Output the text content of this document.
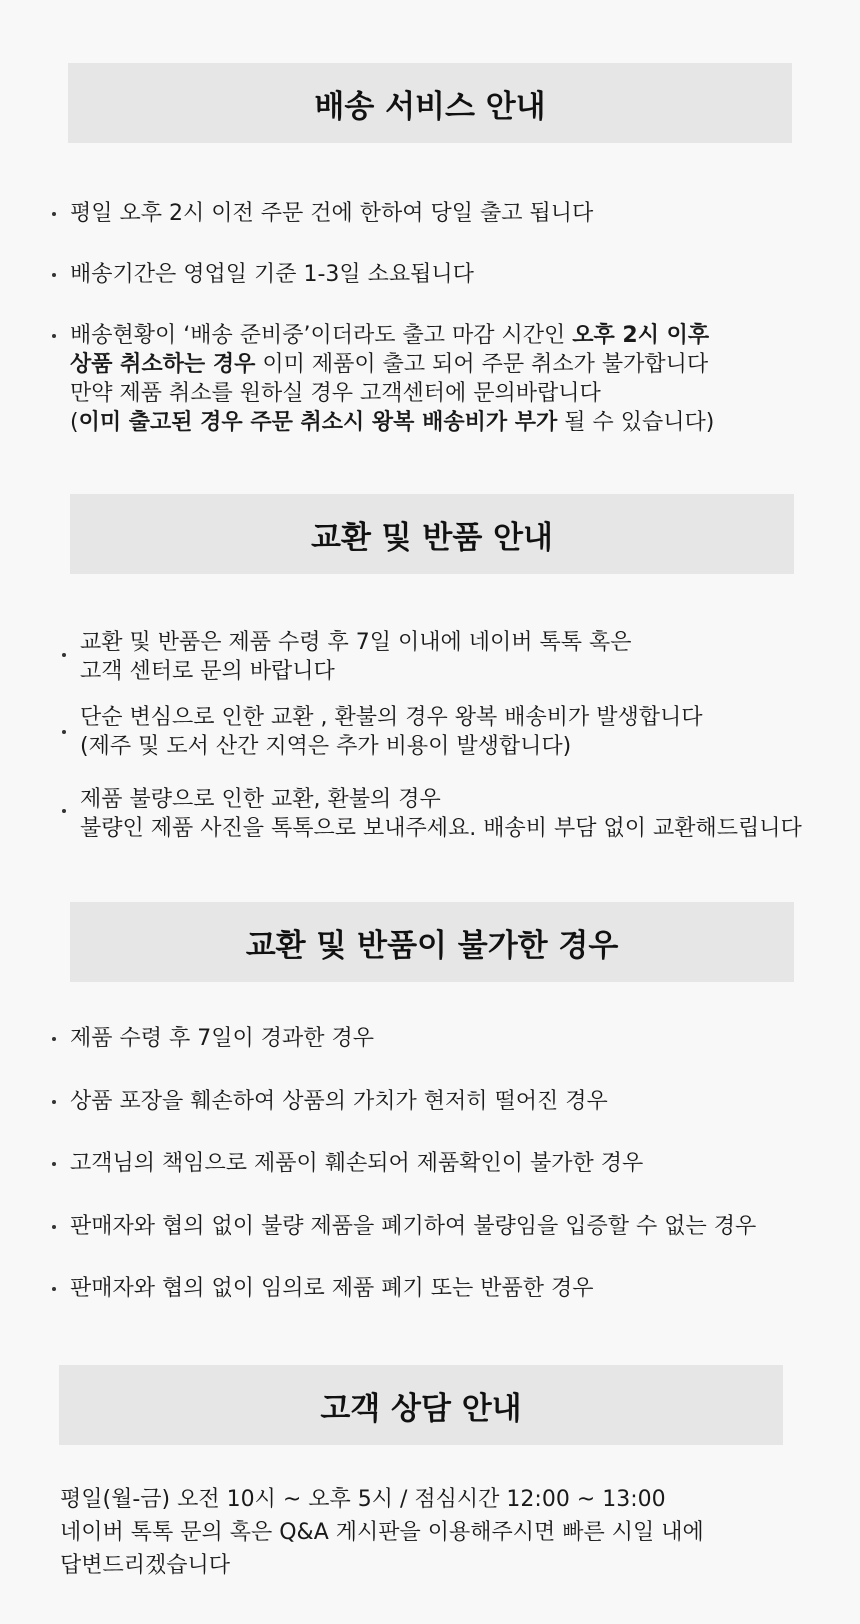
배송 서비스 안내
평일 오후 2시 이전 주문 건에 한하여 당일 출고 됩니다
배송기간은 영업일 기준 1-3일 소요됩니다
배송현황이 ‘배송 준비중’이더라도 출고 마감 시간인 오후 2시 이후
상품 취소하는 경우 이미 제품이 출고 되어 주문 취소가 불가합니다
만약 제품 취소를 원하실 경우 고객센터에 문의바랍니다
(이미 출고된 경우 주문 취소시 왕복 배송비가 부가 될 수 있습니다)
교환 및 반품 안내
교환 및 반품은 제품 수령 후 7일 이내에 네이버 톡톡 혹은
고객 센터로 문의 바랍니다
단순 변심으로 인한 교환 , 환불의 경우 왕복 배송비가 발생합니다
(제주 및 도서 산간 지역은 추가 비용이 발생합니다)
제품 불량으로 인한 교환, 환불의 경우
불량인 제품 사진을 톡톡으로 보내주세요. 배송비 부담 없이 교환해드립니다
교환 및 반품이 불가한 경우
제품 수령 후 7일이 경과한 경우
상품 포장을 훼손하여 상품의 가치가 현저히 떨어진 경우
고객님의 책임으로 제품이 훼손되어 제품확인이 불가한 경우
판매자와 협의 없이 불량 제품을 폐기하여 불량임을 입증할 수 없는 경우
판매자와 협의 없이 임의로 제품 폐기 또는 반품한 경우
고객 상담 안내
평일(월-금) 오전 10시 ~ 오후 5시 / 점심시간 12:00 ~ 13:00
네이버 톡톡 문의 혹은 Q&A 게시판을 이용해주시면 빠른 시일 내에
답변드리겠습니다
